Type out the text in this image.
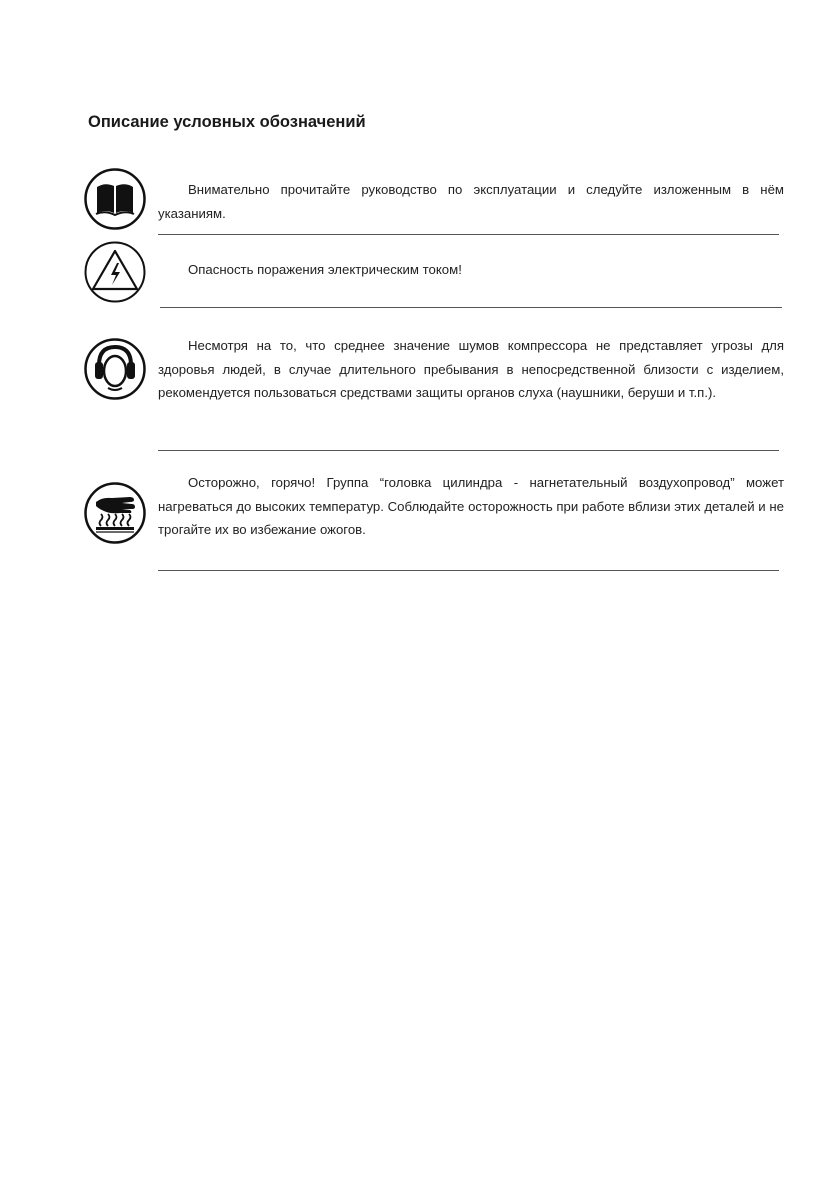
Описание условных обозначений

Внимательно прочитайте руководство по эксплуатации и следуйте изложенным в нём указаниям.

Опасность поражения электрическим током!

Несмотря на то, что среднее значение шумов компрессора не представляет угрозы для здоровья людей, в случае длительного пребывания в непосредственной близости с изделием, рекомендуется пользоваться средствами защиты органов слуха (наушники, беруши и т.п.).

Осторожно, горячо! Группа “головка цилиндра - нагнетательный воздухопровод” может нагреваться до высоких температур. Соблюдайте осторожность при работе вблизи этих деталей и не трогайте их во избежание ожогов.
